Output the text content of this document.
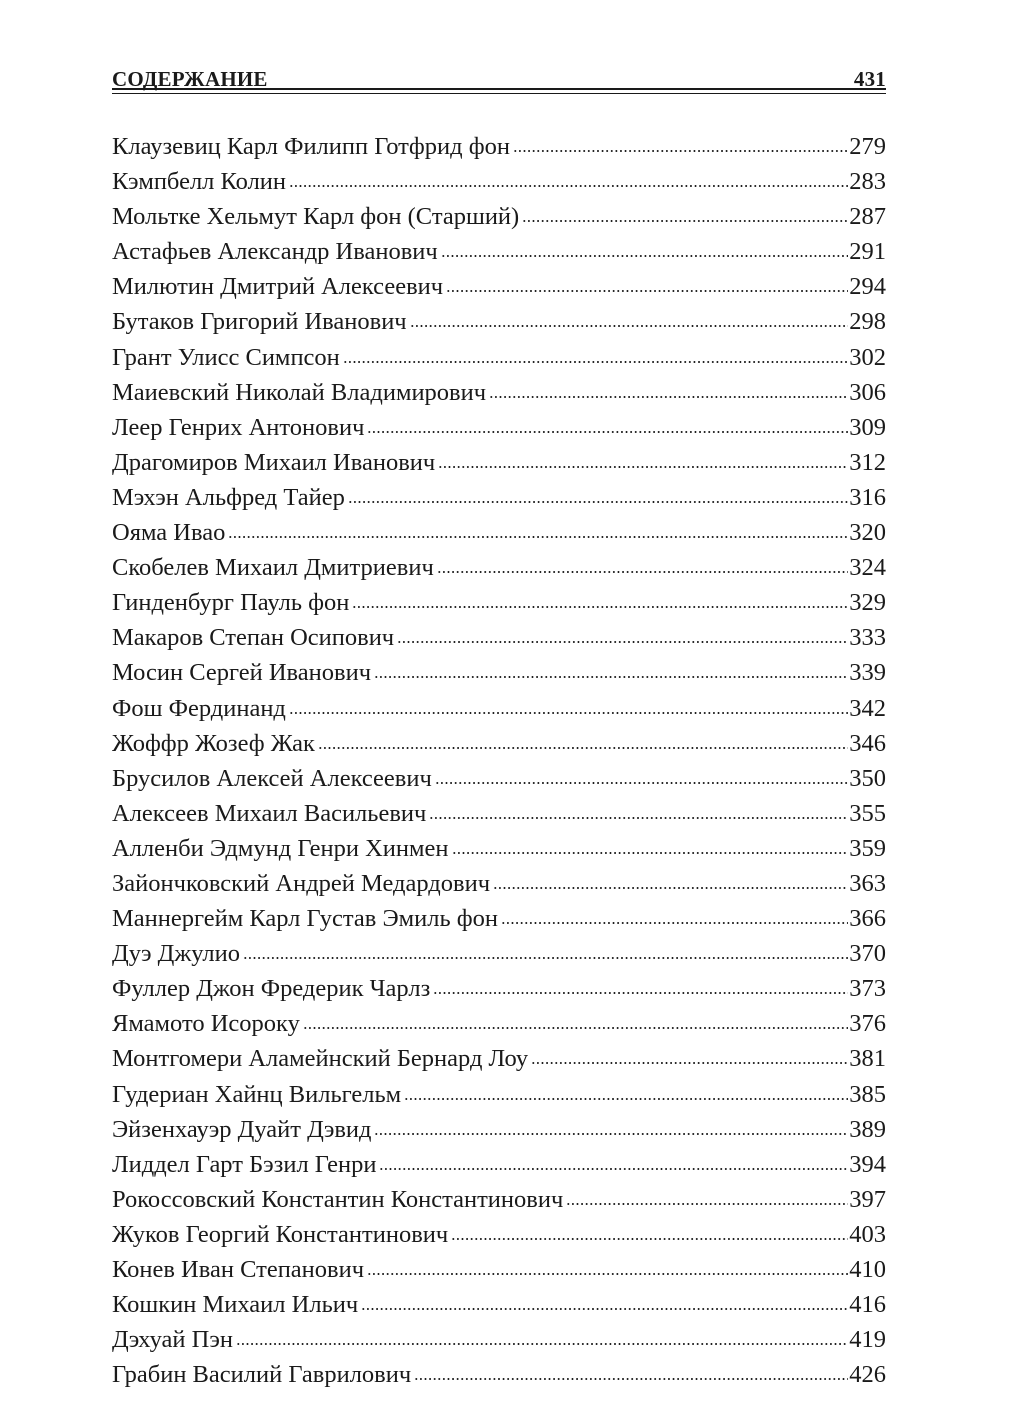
СОДЕРЖАНИЕ	431
Клаузевиц Карл Филипп Готфрид фон	279
Кэмпбелл Колин	283
Мольтке Хельмут Карл фон (Старший)	287
Астафьев Александр Иванович	291
Милютин Дмитрий Алексеевич	294
Бутаков Григорий Иванович	298
Грант Улисс Симпсон	302
Маиевский Николай Владимирович	306
Леер Генрих Антонович	309
Драгомиров Михаил Иванович	312
Мэхэн Альфред Тайер	316
Ояма Ивао	320
Скобелев Михаил Дмитриевич	324
Гинденбург Пауль фон	329
Макаров Степан Осипович	333
Мосин Сергей Иванович	339
Фош Фердинанд	342
Жоффр Жозеф Жак	346
Брусилов Алексей Алексеевич	350
Алексеев Михаил Васильевич	355
Алленби Эдмунд Генри Хинмен	359
Зайончковский Андрей Медардович	363
Маннергейм Карл Густав Эмиль фон	366
Дуэ Джулио	370
Фуллер Джон Фредерик Чарлз	373
Ямамото Исороку	376
Монтгомери Аламейнский Бернард Лоу	381
Гудериан Хайнц Вильгельм	385
Эйзенхауэр Дуайт Дэвид	389
Лиддел Гарт Бэзил Генри	394
Рокоссовский Константин Константинович	397
Жуков Георгий Константинович	403
Конев Иван Степанович	410
Кошкин Михаил Ильич	416
Дэхуай Пэн	419
Грабин Василий Гаврилович	426
